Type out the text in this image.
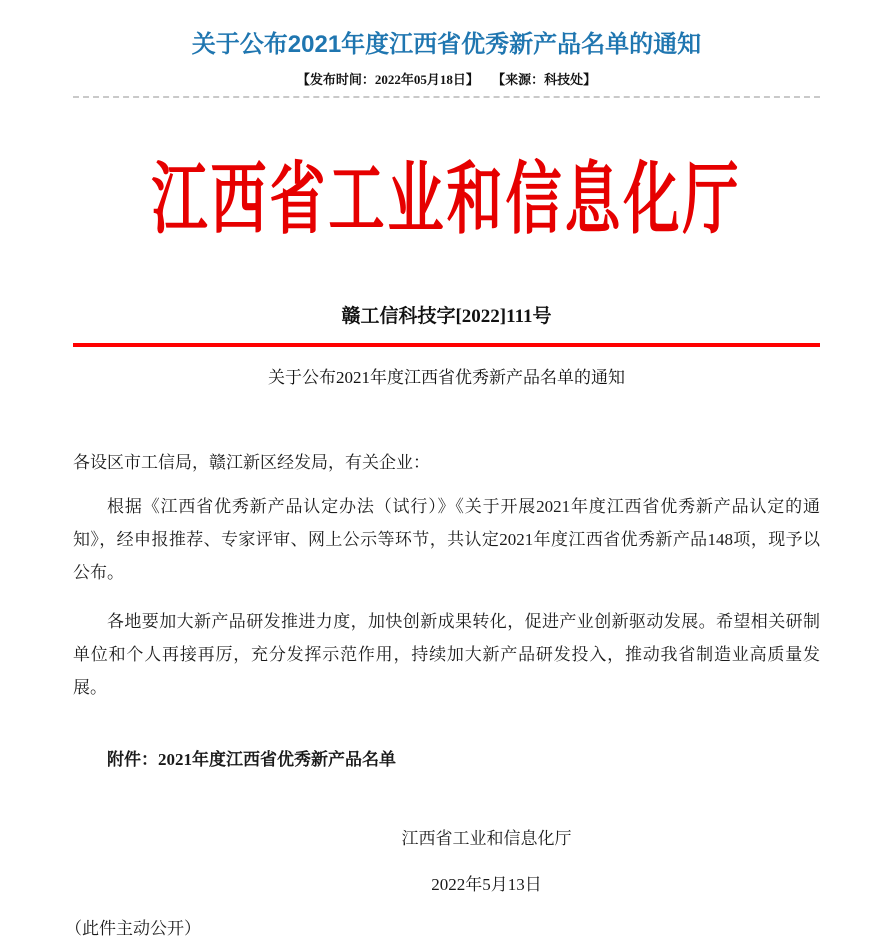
关于公布2021年度江西省优秀新产品名单的通知
【发布时间：2022年05月18日】 【来源：科技处】
江西省工业和信息化厅
赣工信科技字[2022]111号
关于公布2021年度江西省优秀新产品名单的通知

各设区市工信局，赣江新区经发局，有关企业：

根据《江西省优秀新产品认定办法（试行）》《关于开展2021年度江西省优秀新产品认定的通知》，经申报推荐、专家评审、网上公示等环节，共认定2021年度江西省优秀新产品148项，现予以公布。

各地要加大新产品研发推进力度，加快创新成果转化，促进产业创新驱动发展。希望相关研制单位和个人再接再厉，充分发挥示范作用，持续加大新产品研发投入，推动我省制造业高质量发展。

附件：2021年度江西省优秀新产品名单

江西省工业和信息化厅
2022年5月13日

（此件主动公开）
